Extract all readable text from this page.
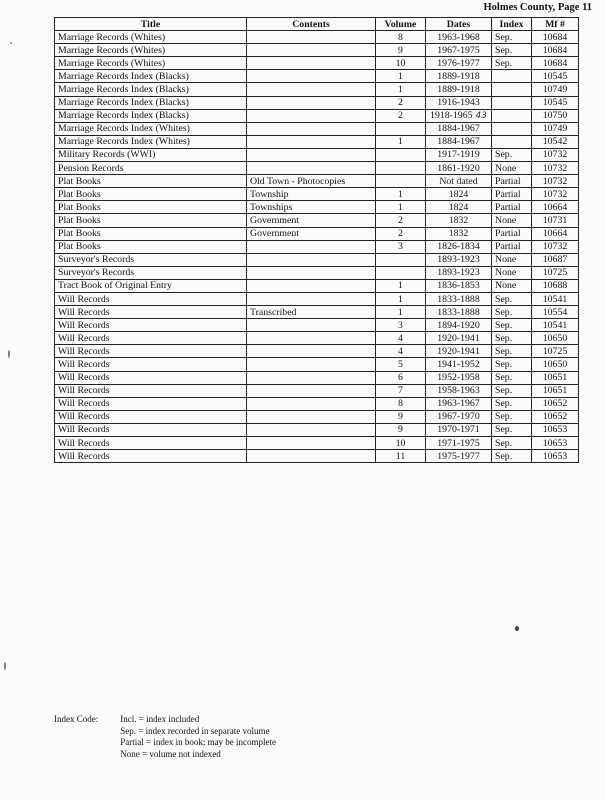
Holmes County, Page 11
Title	Contents	Volume	Dates	Index	Mf #
Marriage Records (Whites)		8	1963-1968	Sep.	10684
Marriage Records (Whites)		9	1967-1975	Sep.	10684
Marriage Records (Whites)		10	1976-1977	Sep.	10684
Marriage Records Index (Blacks)		1	1889-1918		10545
Marriage Records Index (Blacks)		1	1889-1918		10749
Marriage Records Index (Blacks)		2	1916-1943		10545
Marriage Records Index (Blacks)		2	1918-1965 43		10750
Marriage Records Index (Whites)			1884-1967		10749
Marriage Records Index (Whites)		1	1884-1967		10542
Military Records (WWI)			1917-1919	Sep.	10732
Pension Records			1861-1920	None	10732
Plat Books	Old Town - Photocopies		Not dated	Partial	10732
Plat Books	Township	1	1824	Partial	10732
Plat Books	Townships	1	1824	Partial	10664
Plat Books	Government	2	1832	None	10731
Plat Books	Government	2	1832	Partial	10664
Plat Books		3	1826-1834	Partial	10732
Surveyor's Records			1893-1923	None	10687
Surveyor's Records			1893-1923	None	10725
Tract Book of Original Entry		1	1836-1853	None	10688
Will Records		1	1833-1888	Sep.	10541
Will Records	Transcribed	1	1833-1888	Sep.	10554
Will Records		3	1894-1920	Sep.	10541
Will Records		4	1920-1941	Sep.	10650
Will Records		4	1920-1941	Sep.	10725
Will Records		5	1941-1952	Sep.	10650
Will Records		6	1952-1958	Sep.	10651
Will Records		7	1958-1963	Sep.	10651
Will Records		8	1963-1967	Sep.	10652
Will Records		9	1967-1970	Sep.	10652
Will Records		9	1970-1971	Sep.	10653
Will Records		10	1971-1975	Sep.	10653
Will Records		11	1975-1977	Sep.	10653
Index Code: Incl. = index included
Sep. = index recorded in separate volume
Partial = index in book; may be incomplete
None = volume not indexed
